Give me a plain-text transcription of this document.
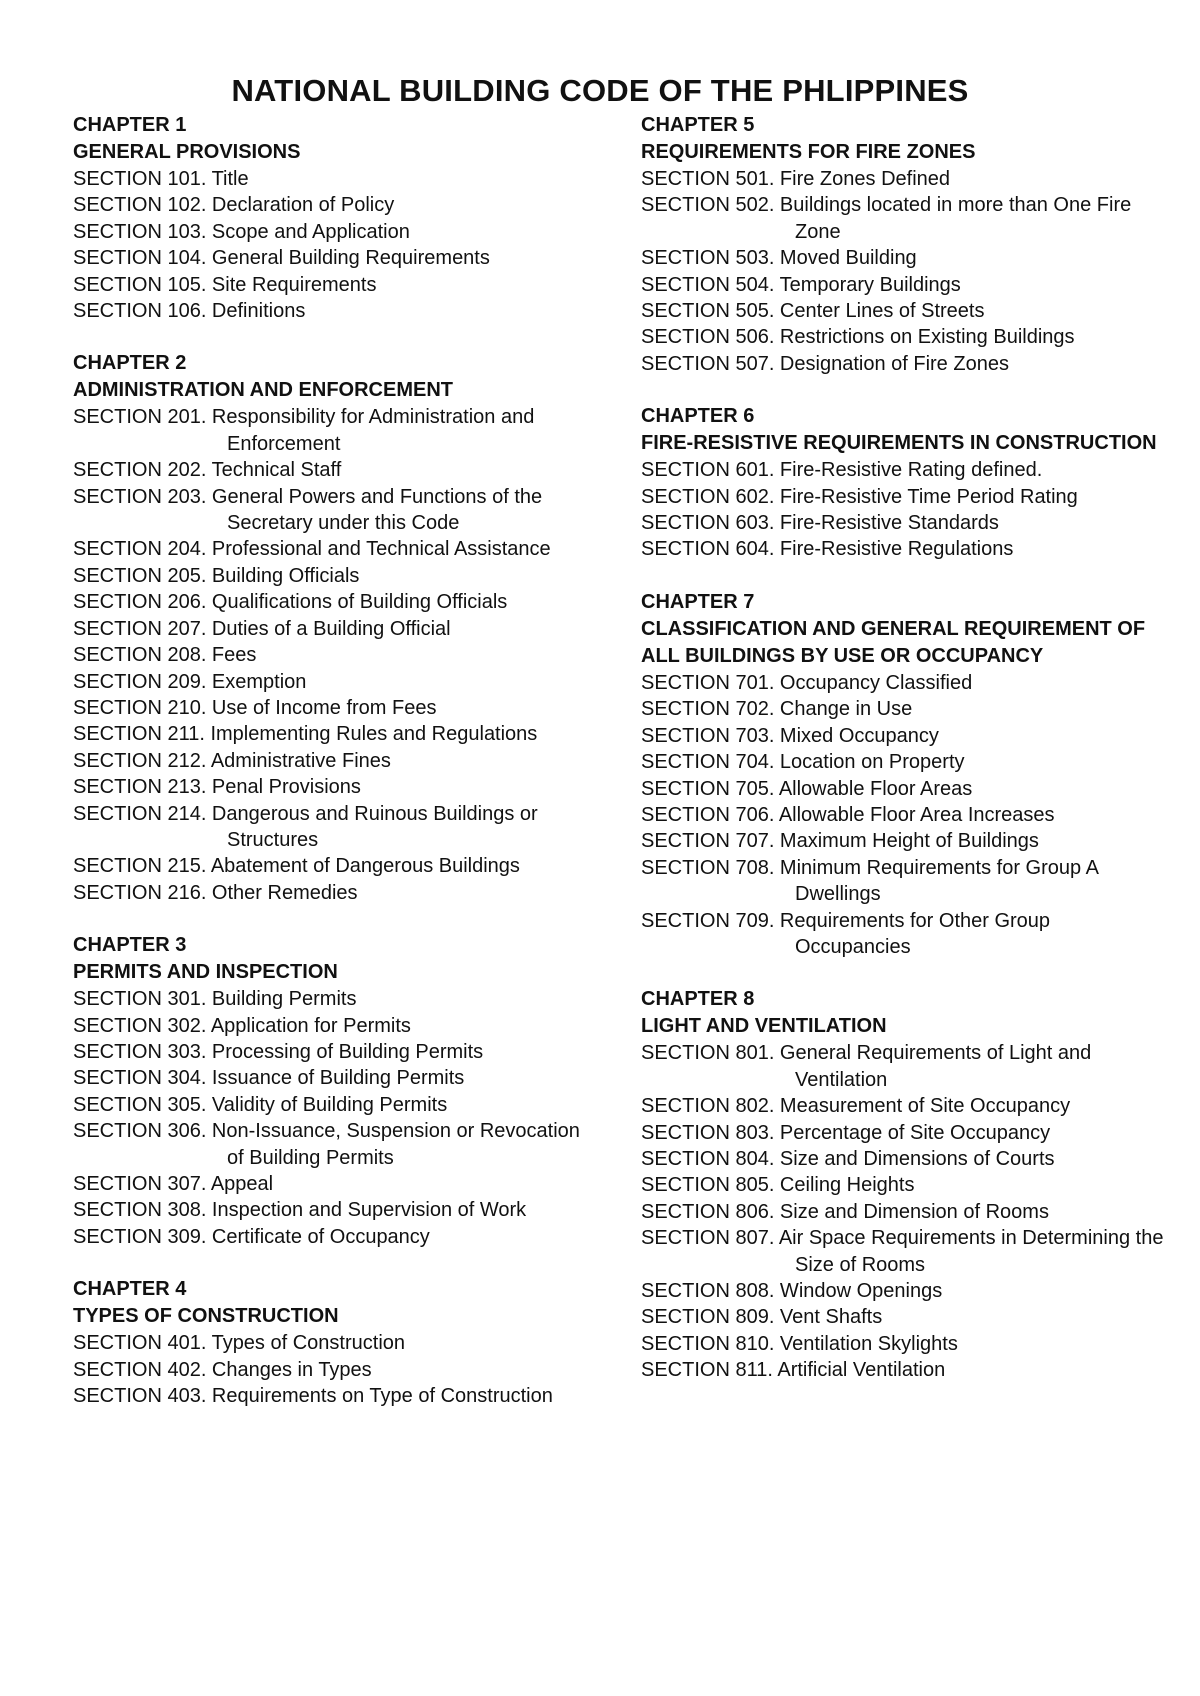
NATIONAL BUILDING CODE OF THE PHLIPPINES
CHAPTER 1
GENERAL PROVISIONS
SECTION 101. Title
SECTION 102. Declaration of Policy
SECTION 103. Scope and Application
SECTION 104. General Building Requirements
SECTION 105. Site Requirements
SECTION 106. Definitions
CHAPTER 2
ADMINISTRATION AND ENFORCEMENT
SECTION 201. Responsibility for Administration and Enforcement
SECTION 202. Technical Staff
SECTION 203. General Powers and Functions of the Secretary under this Code
SECTION 204. Professional and Technical Assistance
SECTION 205. Building Officials
SECTION 206. Qualifications of Building Officials
SECTION 207. Duties of a Building Official
SECTION 208. Fees
SECTION 209. Exemption
SECTION 210. Use of Income from Fees
SECTION 211. Implementing Rules and Regulations
SECTION 212. Administrative Fines
SECTION 213. Penal Provisions
SECTION 214. Dangerous and Ruinous Buildings or Structures
SECTION 215. Abatement of Dangerous Buildings
SECTION 216. Other Remedies
CHAPTER 3
PERMITS AND INSPECTION
SECTION 301. Building Permits
SECTION 302. Application for Permits
SECTION 303. Processing of Building Permits
SECTION 304. Issuance of Building Permits
SECTION 305. Validity of Building Permits
SECTION 306. Non-Issuance, Suspension or Revocation of Building Permits
SECTION 307. Appeal
SECTION 308. Inspection and Supervision of Work
SECTION 309. Certificate of Occupancy
CHAPTER 4
TYPES OF CONSTRUCTION
SECTION 401. Types of Construction
SECTION 402. Changes in Types
SECTION 403. Requirements on Type of Construction
CHAPTER 5
REQUIREMENTS FOR FIRE ZONES
SECTION 501. Fire Zones Defined
SECTION 502. Buildings located in more than One Fire Zone
SECTION 503. Moved Building
SECTION 504. Temporary Buildings
SECTION 505. Center Lines of Streets
SECTION 506. Restrictions on Existing Buildings
SECTION 507. Designation of Fire Zones
CHAPTER 6
FIRE-RESISTIVE REQUIREMENTS IN CONSTRUCTION
SECTION 601. Fire-Resistive Rating defined.
SECTION 602. Fire-Resistive Time Period Rating
SECTION 603. Fire-Resistive Standards
SECTION 604. Fire-Resistive Regulations
CHAPTER 7
CLASSIFICATION AND GENERAL REQUIREMENT OF ALL BUILDINGS BY USE OR OCCUPANCY
SECTION 701. Occupancy Classified
SECTION 702. Change in Use
SECTION 703. Mixed Occupancy
SECTION 704. Location on Property
SECTION 705. Allowable Floor Areas
SECTION 706. Allowable Floor Area Increases
SECTION 707. Maximum Height of Buildings
SECTION 708. Minimum Requirements for Group A Dwellings
SECTION 709. Requirements for Other Group Occupancies
CHAPTER 8
LIGHT AND VENTILATION
SECTION 801. General Requirements of Light and Ventilation
SECTION 802. Measurement of Site Occupancy
SECTION 803. Percentage of Site Occupancy
SECTION 804. Size and Dimensions of Courts
SECTION 805. Ceiling Heights
SECTION 806. Size and Dimension of Rooms
SECTION 807. Air Space Requirements in Determining the Size of Rooms
SECTION 808. Window Openings
SECTION 809. Vent Shafts
SECTION 810. Ventilation Skylights
SECTION 811. Artificial Ventilation
